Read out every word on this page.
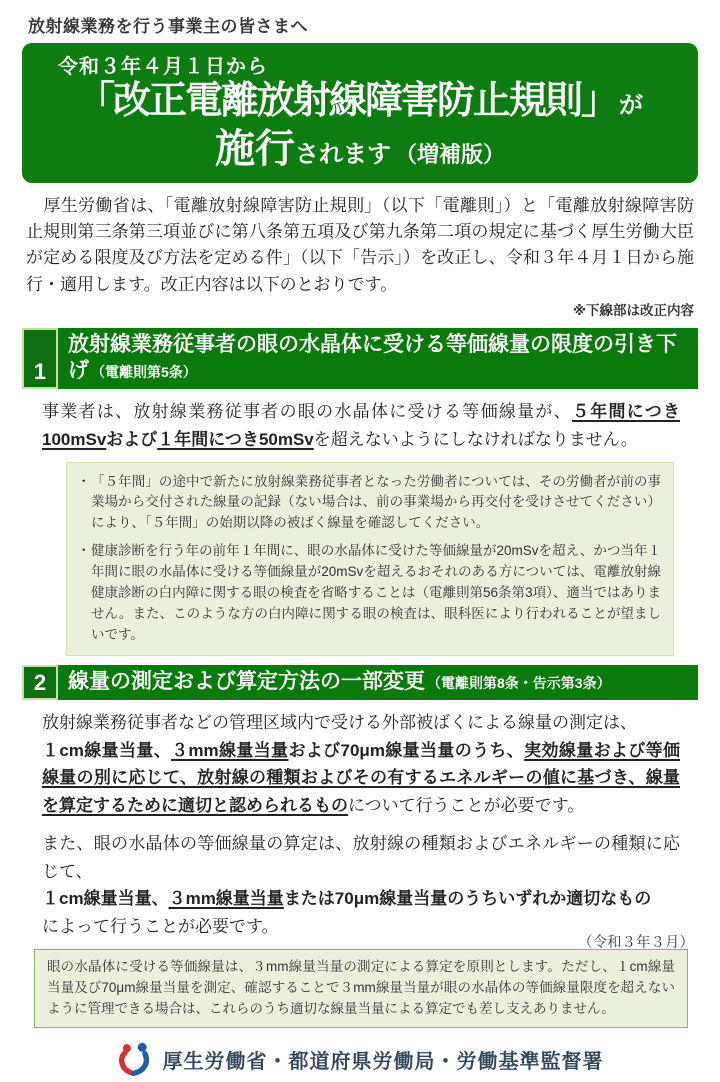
放射線業務を行う事業主の皆さまへ
令和３年４月１日から
「改正電離放射線障害防止規則」が
施行されます （増補版）

　厚生労働省は、「電離放射線障害防止規則」（以下「電離則」）と「電離放射線障害防止規則第三条第三項並びに第八条第五項及び第九条第二項の規定に基づく厚生労働大臣が定める限度及び方法を定める件」（以下「告示」）を改正し、令和３年４月１日から施行・適用します。改正内容は以下のとおりです。

※下線部は改正内容
1
放射線業務従事者の眼の水晶体に受ける等価線量の限度の引き下げ （電離則第5条）

事業者は、放射線業務従事者の眼の水晶体に受ける等価線量が、５年間につき100mSvおよび１年間につき50mSvを超えないようにしなければなりません。

・ 「５年間」の途中で新たに放射線業務従事者となった労働者については、その労働者が前の事業場から交付された線量の記録（ない場合は、前の事業場から再交付を受けさせてください）により、「５年間」の始期以降の被ばく線量を確認してください。
・ 健康診断を行う年の前年１年間に、眼の水晶体に受けた等価線量が20mSvを超え、かつ当年１年間に眼の水晶体に受ける等価線量が20mSvを超えるおそれのある方については、電離放射線健康診断の白内障に関する眼の検査を省略することは（電離則第56条第3項）、適当ではありません。また、このような方の白内障に関する眼の検査は、眼科医により行われることが望ましいです。
2	線量の測定および算定方法の一部変更 （電離則第8条・告示第3条）

放射線業務従事者などの管理区域内で受ける外部被ばくによる線量の測定は、
１cm線量当量、３mm線量当量および70μm線量当量のうち、実効線量および等価線量の別に応じて、放射線の種類およびその有するエネルギーの値に基づき、線量を算定するために適切と認められるものについて行うことが必要です。

また、眼の水晶体の等価線量の算定は、放射線の種類およびエネルギーの種類に応じて、
１cm線量当量、３mm線量当量または70μm線量当量のうちいずれか適切なもの
によって行うことが必要です。

眼の水晶体に受ける等価線量は、３mm線量当量の測定による算定を原則とします。ただし、１cm線量当量及び70μm線量当量を測定、確認することで３mm線量当量が眼の水晶体の等価線量限度を超えないように管理できる場合は、これらのうち適切な線量当量による算定でも差し支えありません。
厚生労働省・都道府県労働局・労働基準監督署
（令和３年３月）
